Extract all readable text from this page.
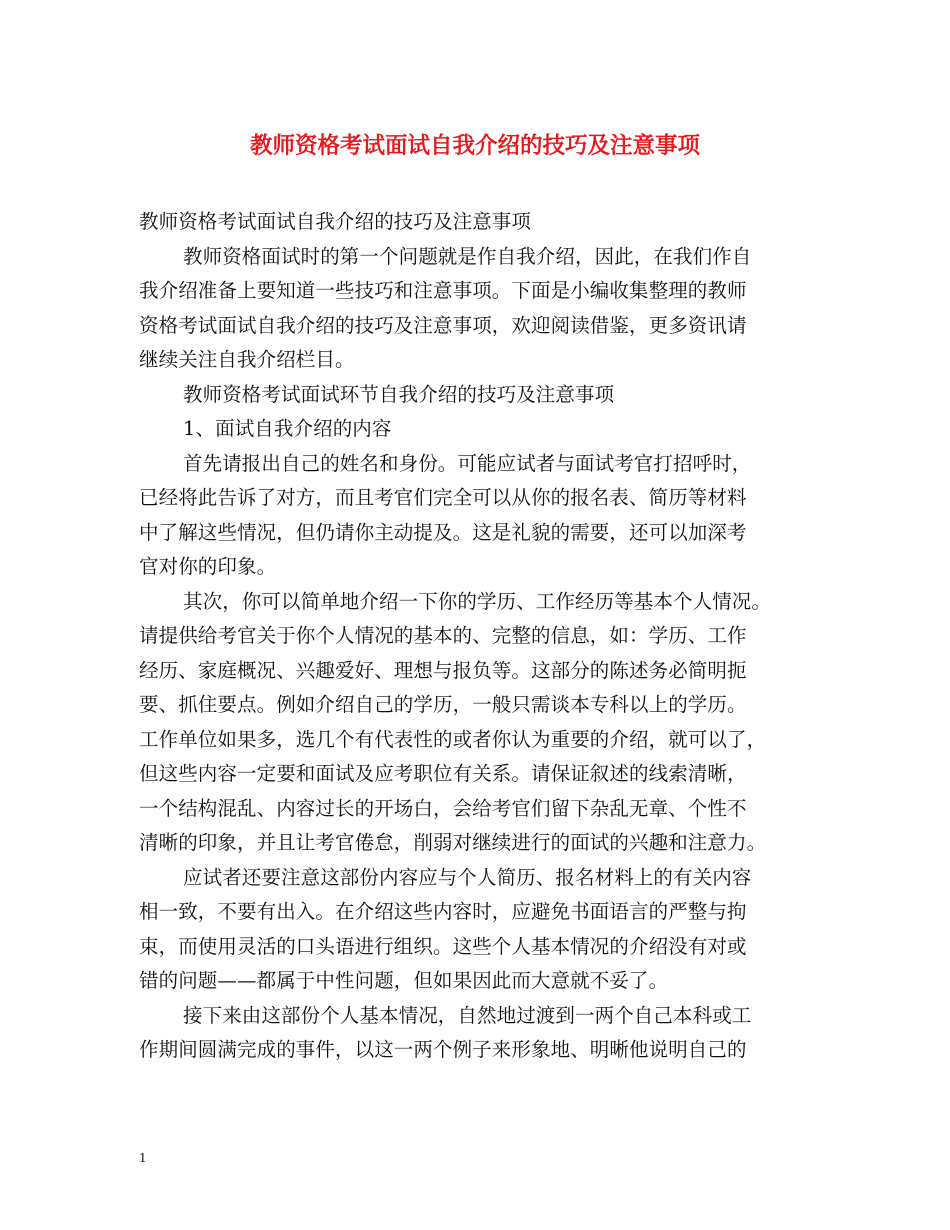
教师资格考试面试自我介绍的技巧及注意事项
教师资格考试面试自我介绍的技巧及注意事项
教师资格面试时的第一个问题就是作自我介绍，因此，在我们作自
我介绍准备上要知道一些技巧和注意事项。下面是小编收集整理的教师
资格考试面试自我介绍的技巧及注意事项，欢迎阅读借鉴，更多资讯请
继续关注自我介绍栏目。
教师资格考试面试环节自我介绍的技巧及注意事项
1、面试自我介绍的内容
首先请报出自己的姓名和身份。可能应试者与面试考官打招呼时，
已经将此告诉了对方，而且考官们完全可以从你的报名表、简历等材料
中了解这些情况，但仍请你主动提及。这是礼貌的需要，还可以加深考
官对你的印象。
其次，你可以简单地介绍一下你的学历、工作经历等基本个人情况。
请提供给考官关于你个人情况的基本的、完整的信息，如：学历、工作
经历、家庭概况、兴趣爱好、理想与报负等。这部分的陈述务必简明扼
要、抓住要点。例如介绍自己的学历，一般只需谈本专科以上的学历。
工作单位如果多，选几个有代表性的或者你认为重要的介绍，就可以了，
但这些内容一定要和面试及应考职位有关系。请保证叙述的线索清晰，
一个结构混乱、内容过长的开场白，会给考官们留下杂乱无章、个性不
清晰的印象，并且让考官倦怠，削弱对继续进行的面试的兴趣和注意力。
应试者还要注意这部份内容应与个人简历、报名材料上的有关内容
相一致，不要有出入。在介绍这些内容时，应避免书面语言的严整与拘
束，而使用灵活的口头语进行组织。这些个人基本情况的介绍没有对或
错的问题——都属于中性问题，但如果因此而大意就不妥了。
接下来由这部份个人基本情况，自然地过渡到一两个自己本科或工
作期间圆满完成的事件，以这一两个例子来形象地、明晰他说明自己的
1
